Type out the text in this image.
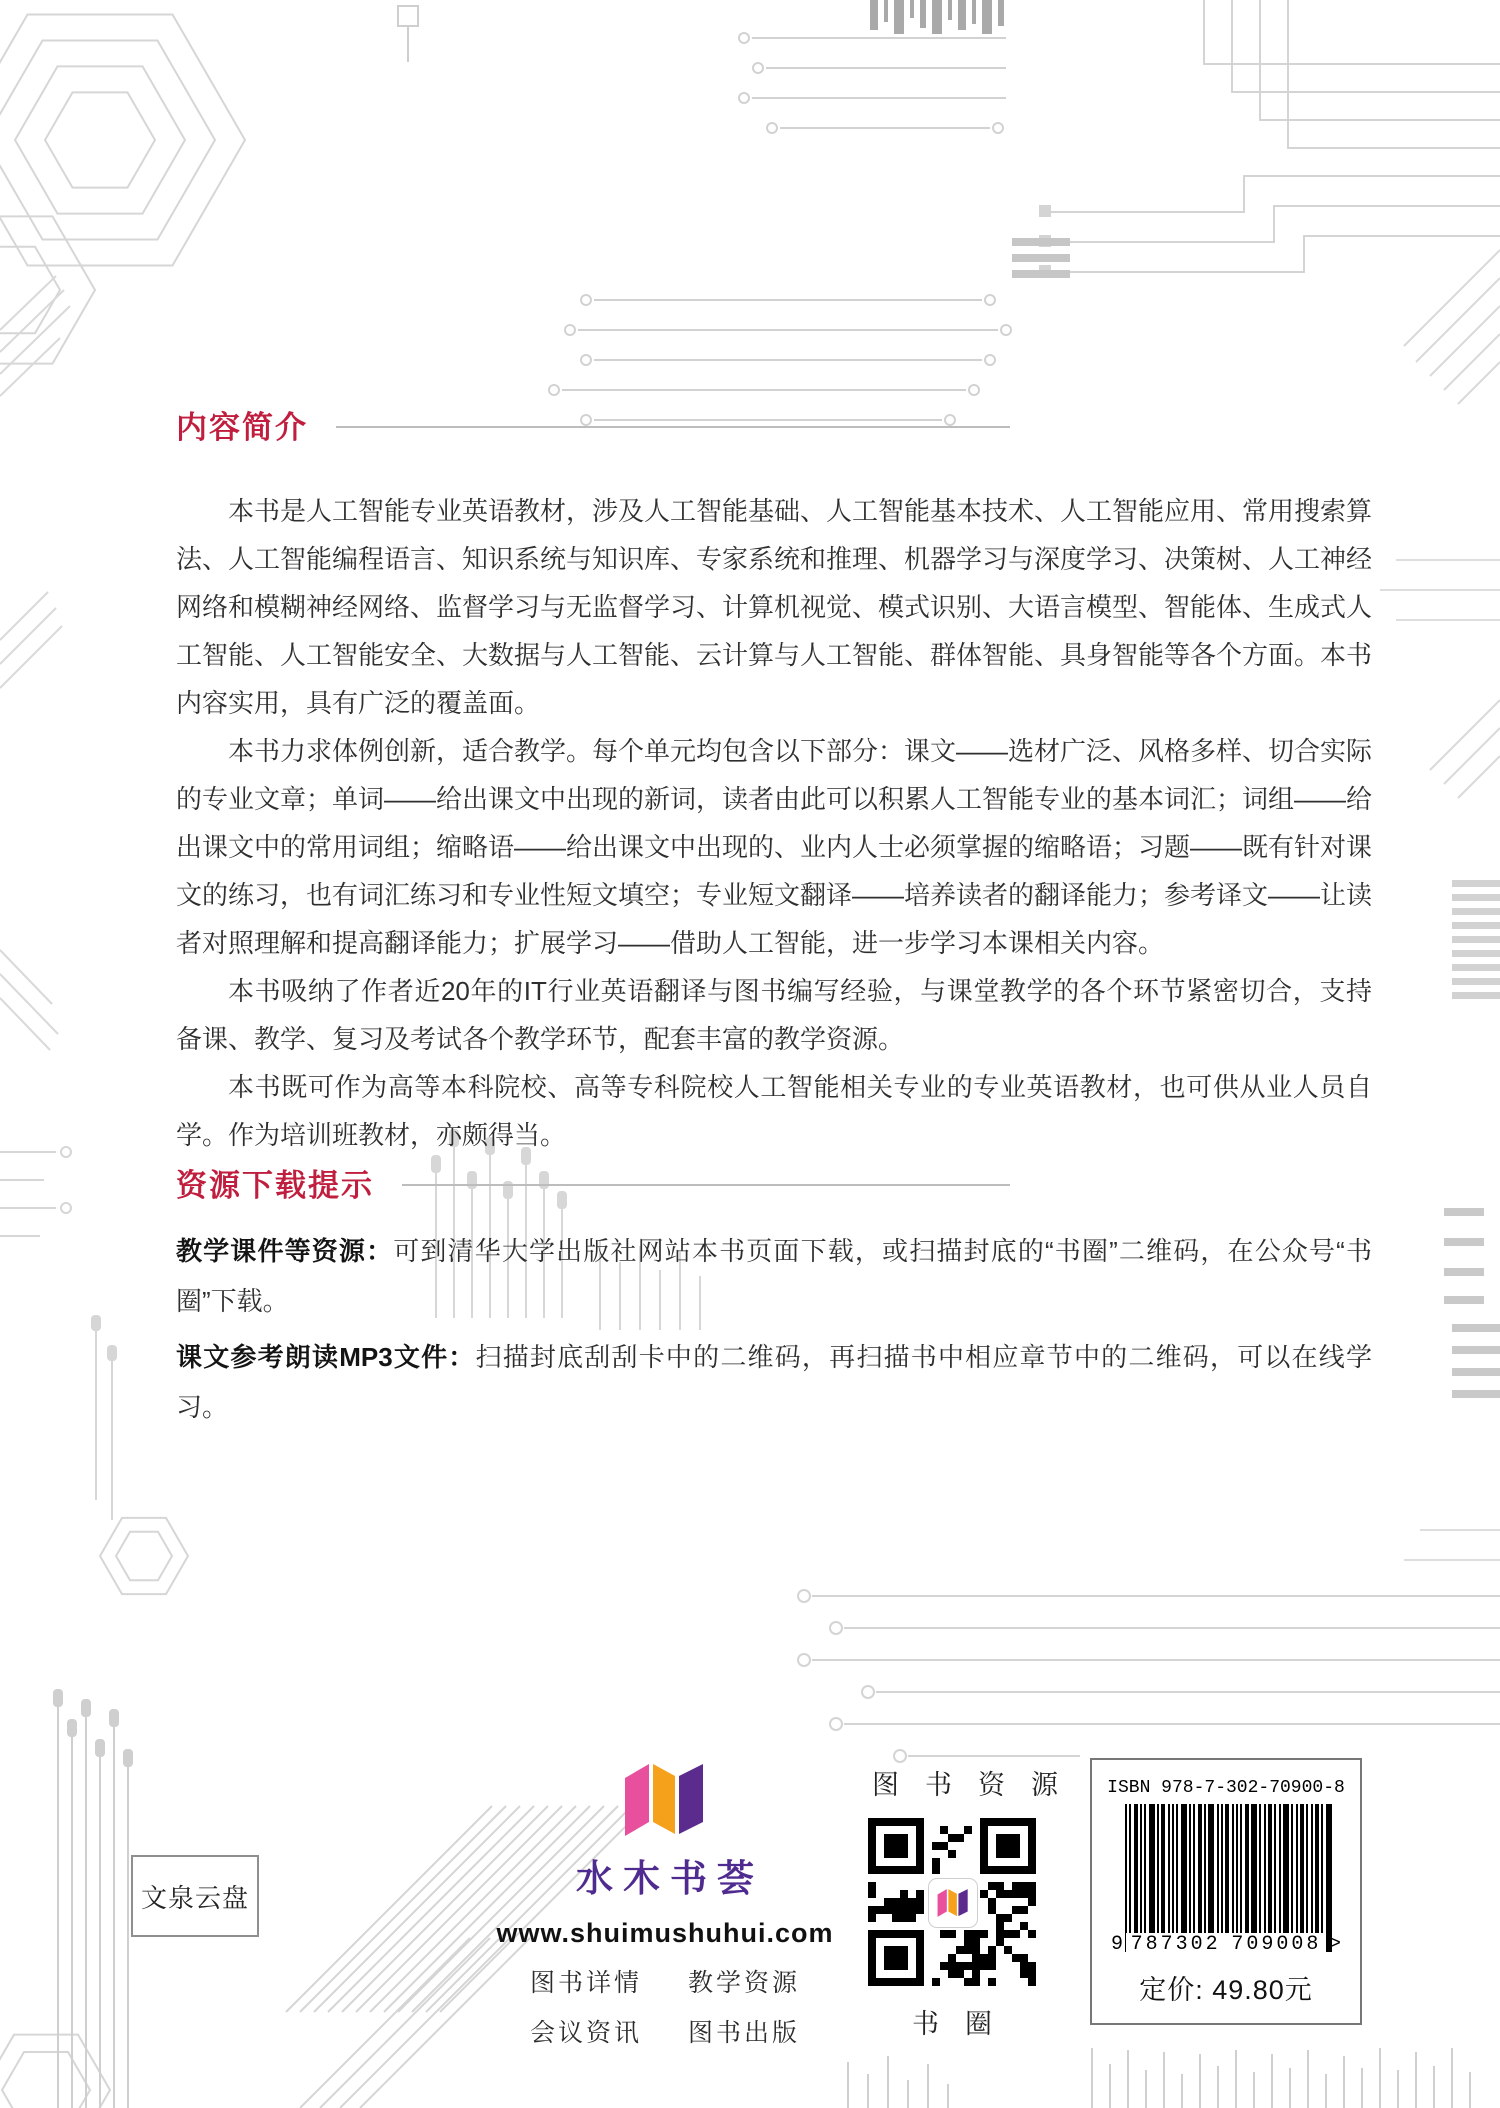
内容简介

本书是人工智能专业英语教材，涉及人工智能基础、人工智能基本技术、人工智能应用、常用搜索算法、人工智能编程语言、知识系统与知识库、专家系统和推理、机器学习与深度学习、决策树、人工神经网络和模糊神经网络、监督学习与无监督学习、计算机视觉、模式识别、大语言模型、智能体、生成式人工智能、人工智能安全、大数据与人工智能、云计算与人工智能、群体智能、具身智能等各个方面。本书内容实用，具有广泛的覆盖面。

本书力求体例创新，适合教学。每个单元均包含以下部分：课文——选材广泛、风格多样、切合实际的专业文章；单词——给出课文中出现的新词，读者由此可以积累人工智能专业的基本词汇；词组——给出课文中的常用词组；缩略语——给出课文中出现的、业内人士必须掌握的缩略语；习题——既有针对课文的练习，也有词汇练习和专业性短文填空；专业短文翻译——培养读者的翻译能力；参考译文——让读者对照理解和提高翻译能力；扩展学习——借助人工智能，进一步学习本课相关内容。

本书吸纳了作者近20年的IT行业英语翻译与图书编写经验，与课堂教学的各个环节紧密切合，支持备课、教学、复习及考试各个教学环节，配套丰富的教学资源。

本书既可作为高等本科院校、高等专科院校人工智能相关专业的专业英语教材，也可供从业人员自学。作为培训班教材，亦颇得当。

资源下载提示

教学课件等资源：可到清华大学出版社网站本书页面下载，或扫描封底的“书圈”二维码，在公众号“书圈”下载。

课文参考朗读MP3文件：扫描封底刮刮卡中的二维码，再扫描书中相应章节中的二维码，可以在线学习。

文泉云盘	水木书荟
www.shuimushuhui.com
图书详情 教学资源
会议资讯 图书出版
图书资源
书圈
ISBN 978-7-302-70900-8
9 787302 709008 >
定价: 49.80元
